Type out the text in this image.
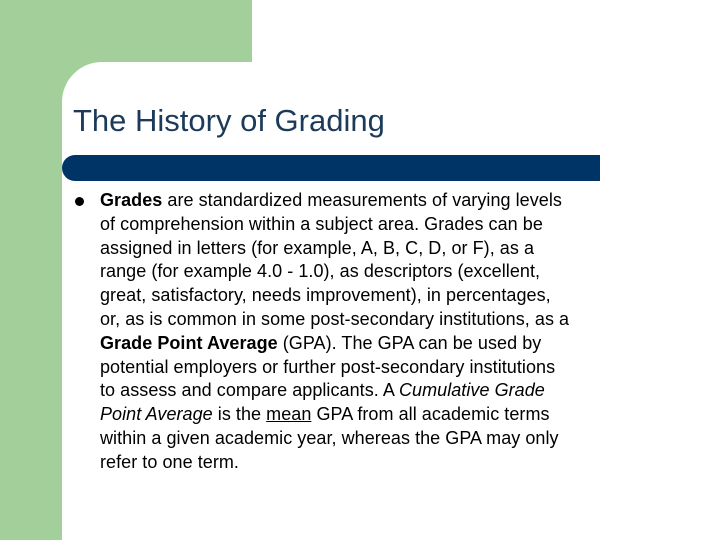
The History of Grading
Grades are standardized measurements of varying levels
of comprehension within a subject area. Grades can be
assigned in letters (for example, A, B, C, D, or F), as a
range (for example 4.0 - 1.0), as descriptors (excellent,
great, satisfactory, needs improvement), in percentages,
or, as is common in some post-secondary institutions, as a
Grade Point Average (GPA). The GPA can be used by
potential employers or further post-secondary institutions
to assess and compare applicants. A Cumulative Grade
Point Average is the mean GPA from all academic terms
within a given academic year, whereas the GPA may only
refer to one term.
